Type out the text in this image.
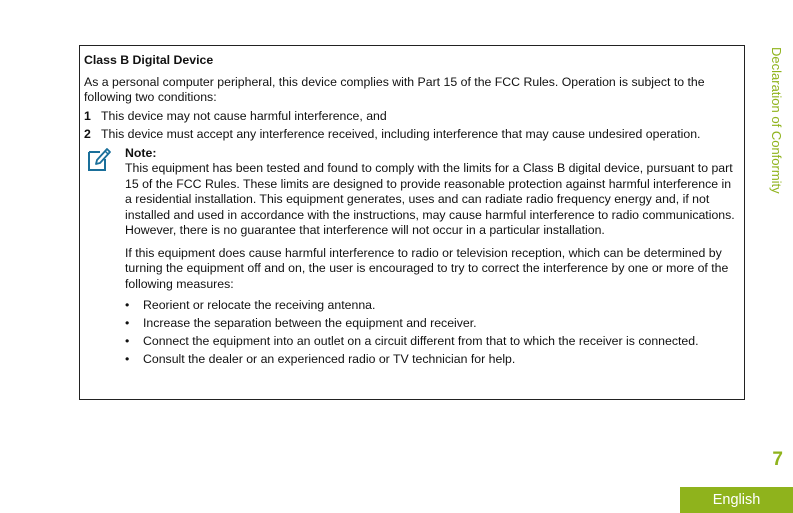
Class B Digital Device
As a personal computer peripheral, this device complies with Part 15 of the FCC Rules. Operation is subject to the following two conditions:
1 This device may not cause harmful interference, and
2 This device must accept any interference received, including interference that may cause undesired operation.
Note:

This equipment has been tested and found to comply with the limits for a Class B digital device, pursuant to part 15 of the FCC Rules. These limits are designed to provide reasonable protection against harmful interference in a residential installation. This equipment generates, uses and can radiate radio frequency energy and, if not installed and used in accordance with the instructions, may cause harmful interference to radio communications. However, there is no guarantee that interference will not occur in a particular installation.

If this equipment does cause harmful interference to radio or television reception, which can be determined by turning the equipment off and on, the user is encouraged to try to correct the interference by one or more of the following measures:

•	Reorient or relocate the receiving antenna.
•	Increase the separation between the equipment and receiver.
•	Connect the equipment into an outlet on a circuit different from that to which the receiver is connected.
•	Consult the dealer or an experienced radio or TV technician for help.
Declaration of Conformity
7
English
